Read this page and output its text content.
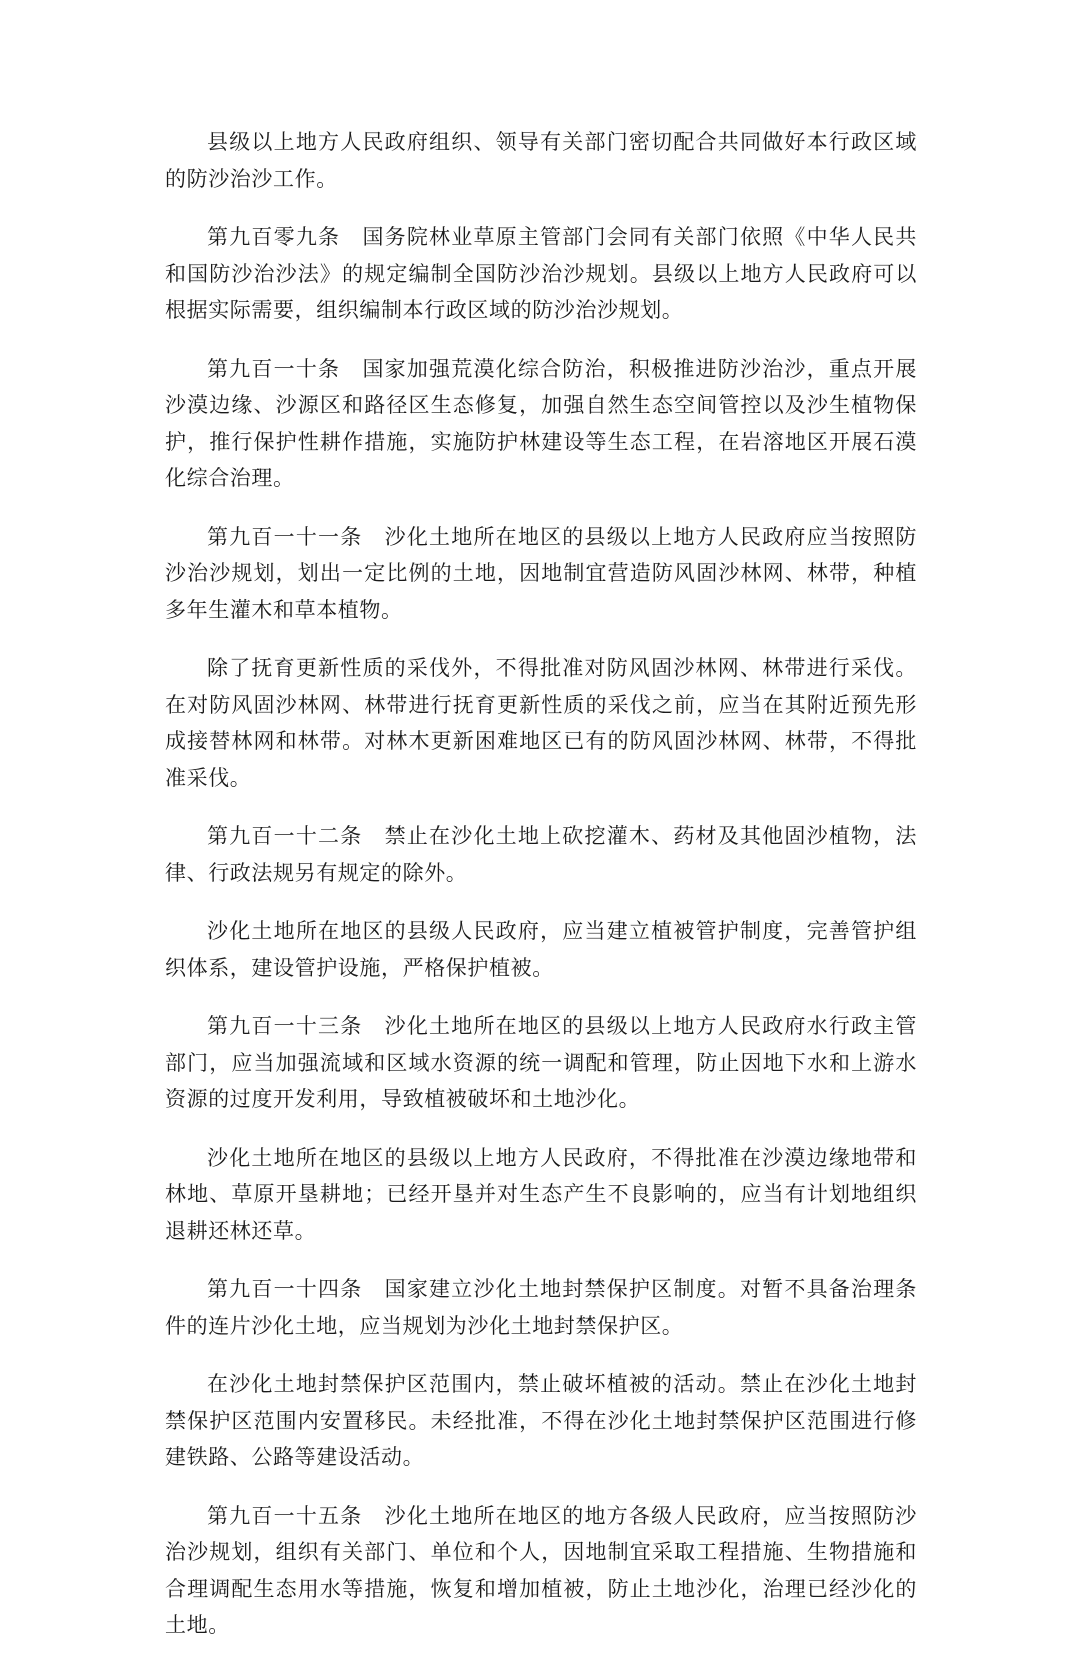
县级以上地方人民政府组织、领导有关部门密切配合共同做好本行政区域的防沙治沙工作。

第九百零九条　国务院林业草原主管部门会同有关部门依照《中华人民共和国防沙治沙法》的规定编制全国防沙治沙规划。县级以上地方人民政府可以根据实际需要，组织编制本行政区域的防沙治沙规划。

第九百一十条　国家加强荒漠化综合防治，积极推进防沙治沙，重点开展沙漠边缘、沙源区和路径区生态修复，加强自然生态空间管控以及沙生植物保护，推行保护性耕作措施，实施防护林建设等生态工程，在岩溶地区开展石漠化综合治理。

第九百一十一条　沙化土地所在地区的县级以上地方人民政府应当按照防沙治沙规划，划出一定比例的土地，因地制宜营造防风固沙林网、林带，种植多年生灌木和草本植物。

除了抚育更新性质的采伐外，不得批准对防风固沙林网、林带进行采伐。在对防风固沙林网、林带进行抚育更新性质的采伐之前，应当在其附近预先形成接替林网和林带。对林木更新困难地区已有的防风固沙林网、林带，不得批准采伐。

第九百一十二条　禁止在沙化土地上砍挖灌木、药材及其他固沙植物，法律、行政法规另有规定的除外。

沙化土地所在地区的县级人民政府，应当建立植被管护制度，完善管护组织体系，建设管护设施，严格保护植被。

第九百一十三条　沙化土地所在地区的县级以上地方人民政府水行政主管部门，应当加强流域和区域水资源的统一调配和管理，防止因地下水和上游水资源的过度开发利用，导致植被破坏和土地沙化。

沙化土地所在地区的县级以上地方人民政府，不得批准在沙漠边缘地带和林地、草原开垦耕地；已经开垦并对生态产生不良影响的，应当有计划地组织退耕还林还草。

第九百一十四条　国家建立沙化土地封禁保护区制度。对暂不具备治理条件的连片沙化土地，应当规划为沙化土地封禁保护区。

在沙化土地封禁保护区范围内，禁止破坏植被的活动。禁止在沙化土地封禁保护区范围内安置移民。未经批准，不得在沙化土地封禁保护区范围进行修建铁路、公路等建设活动。

第九百一十五条　沙化土地所在地区的地方各级人民政府，应当按照防沙治沙规划，组织有关部门、单位和个人，因地制宜采取工程措施、生物措施和合理调配生态用水等措施，恢复和增加植被，防止土地沙化，治理已经沙化的土地。
